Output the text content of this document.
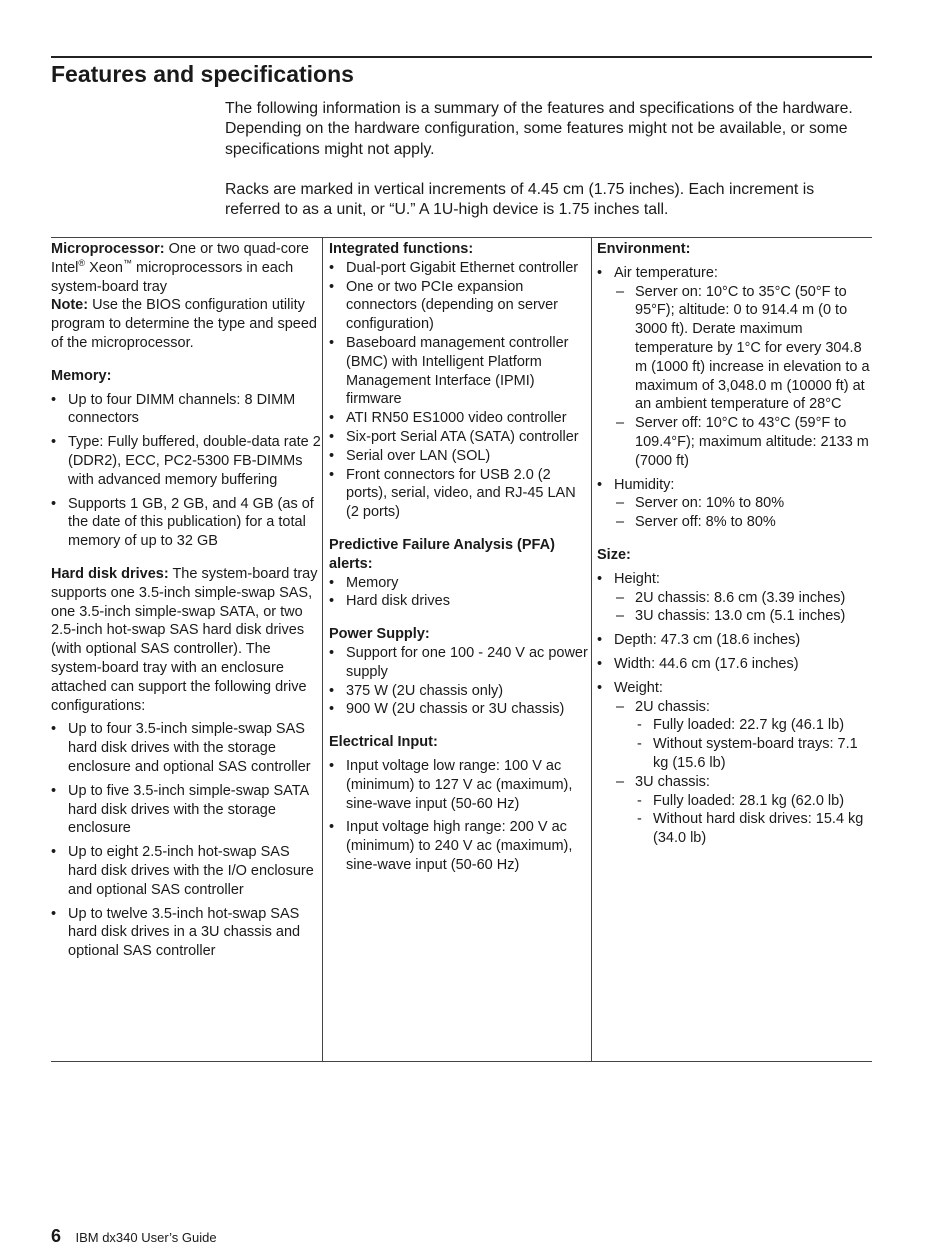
Features and specifications

The following information is a summary of the features and specifications of the hardware. Depending on the hardware configuration, some features might not be available, or some specifications might not apply.

Racks are marked in vertical increments of 4.45 cm (1.75 inches). Each increment is referred to as a unit, or “U.” A 1U-high device is 1.75 inches tall.

Microprocessor: One or two quad-core Intel® Xeon™ microprocessors in each system-board tray

Note: Use the BIOS configuration utility program to determine the type and speed of the microprocessor.

Memory:

• Up to four DIMM channels: 8 DIMM connectors
• Type: Fully buffered, double-data rate 2 (DDR2), ECC, PC2-5300 FB-DIMMs with advanced memory buffering
• Supports 1 GB, 2 GB, and 4 GB (as of the date of this publication) for a total memory of up to 32 GB

Hard disk drives: The system-board tray supports one 3.5-inch simple-swap SAS, one 3.5-inch simple-swap SATA, or two 2.5-inch hot-swap SAS hard disk drives (with optional SAS controller). The system-board tray with an enclosure attached can support the following drive configurations:

• Up to four 3.5-inch simple-swap SAS hard disk drives with the storage enclosure and optional SAS controller
• Up to five 3.5-inch simple-swap SATA hard disk drives with the storage enclosure
• Up to eight 2.5-inch hot-swap SAS hard disk drives with the I/O enclosure and optional SAS controller
• Up to twelve 3.5-inch hot-swap SAS hard disk drives in a 3U chassis and optional SAS controller

Integrated functions:

• Dual-port Gigabit Ethernet controller
• One or two PCIe expansion connectors (depending on server configuration)
• Baseboard management controller (BMC) with Intelligent Platform Management Interface (IPMI) firmware
• ATI RN50 ES1000 video controller
• Six-port Serial ATA (SATA) controller
• Serial over LAN (SOL)
• Front connectors for USB 2.0 (2 ports), serial, video, and RJ-45 LAN (2 ports)

Predictive Failure Analysis (PFA) alerts:

• Memory
• Hard disk drives

Power Supply:

• Support for one 100 - 240 V ac power supply
• 375 W (2U chassis only)
• 900 W (2U chassis or 3U chassis)

Electrical Input:

• Input voltage low range: 100 V ac (minimum) to 127 V ac (maximum), sine-wave input (50-60 Hz)
• Input voltage high range: 200 V ac (minimum) to 240 V ac (maximum), sine-wave input (50-60 Hz)

Environment:

• Air temperature:
– Server on: 10°C to 35°C (50°F to 95°F); altitude: 0 to 914.4 m (0 to 3000 ft). Derate maximum temperature by 1°C for every 304.8 m (1000 ft) increase in elevation to a maximum of 3,048.0 m (10000 ft) at an ambient temperature of 28°C
– Server off: 10°C to 43°C (59°F to 109.4°F); maximum altitude: 2133 m (7000 ft)
• Humidity:
– Server on: 10% to 80%
– Server off: 8% to 80%

Size:

• Height:
– 2U chassis: 8.6 cm (3.39 inches)
– 3U chassis: 13.0 cm (5.1 inches)
• Depth: 47.3 cm (18.6 inches)
• Width: 44.6 cm (17.6 inches)
• Weight:
– 2U chassis:
- Fully loaded: 22.7 kg (46.1 lb)
- Without system-board trays: 7.1 kg (15.6 lb)
– 3U chassis:
- Fully loaded: 28.1 kg (62.0 lb)
- Without hard disk drives: 15.4 kg (34.0 lb)
6 IBM dx340 User’s Guide
